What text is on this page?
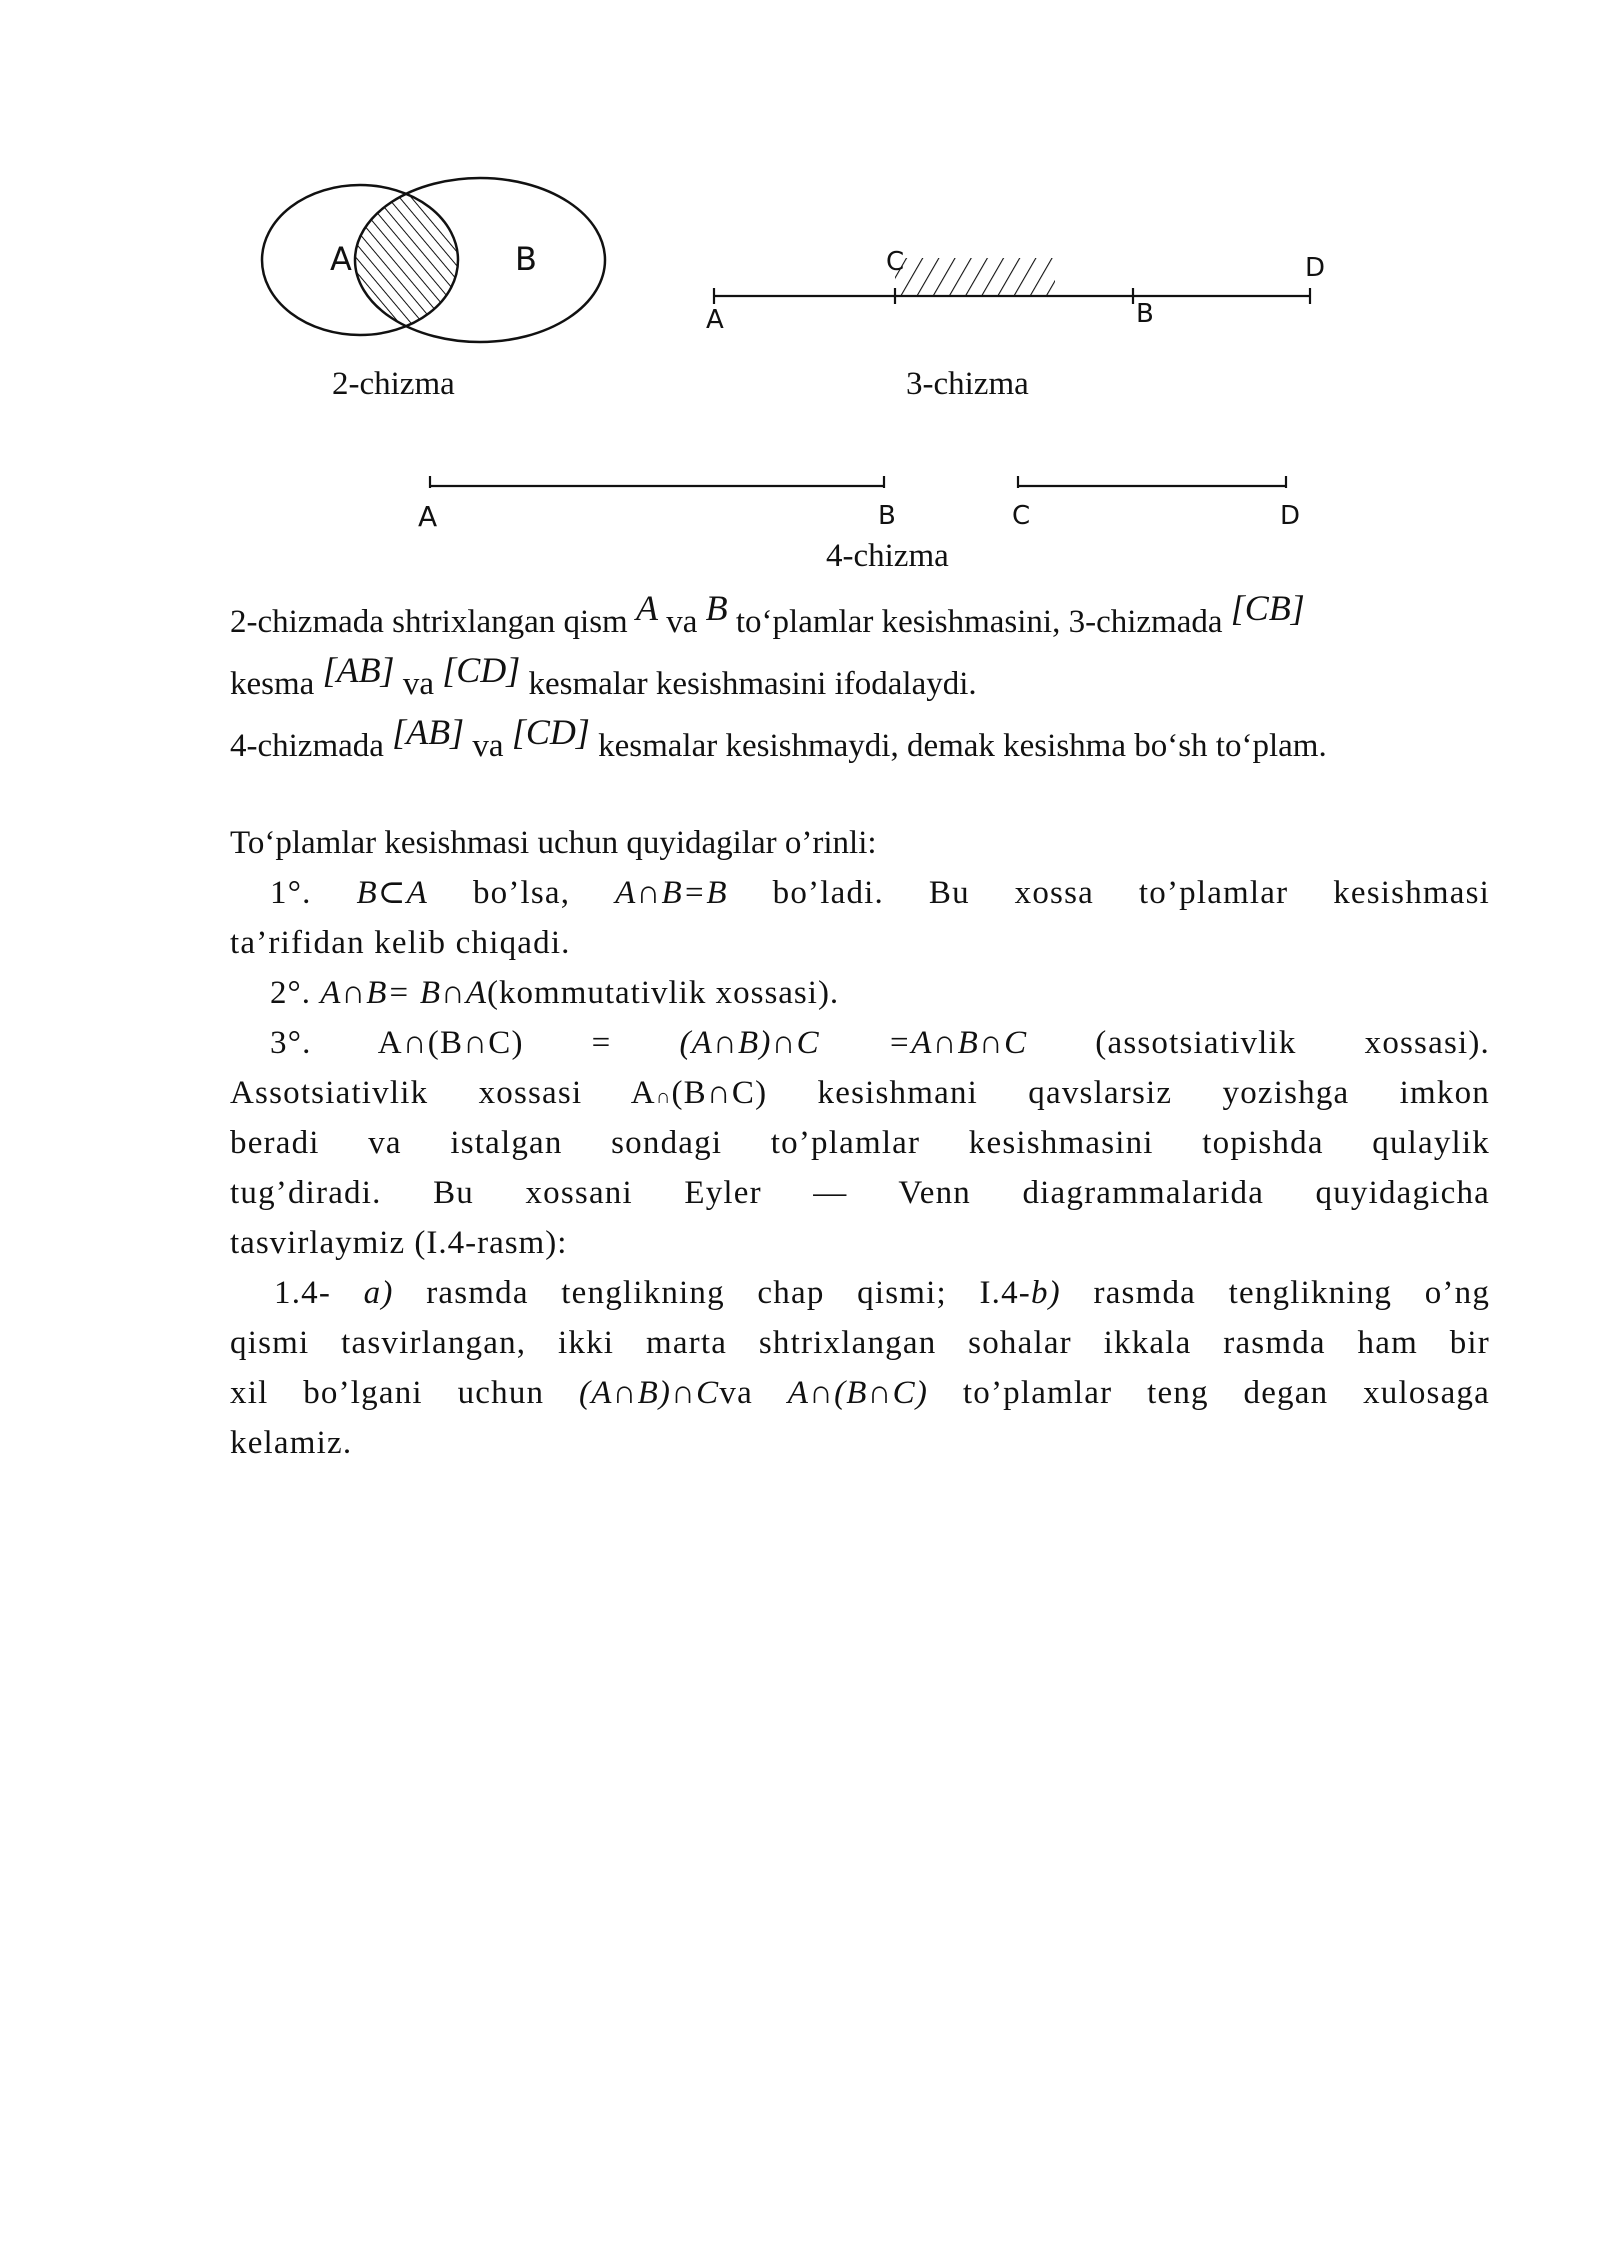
A	B
2-chizma
A
C
B
D
3-chizma
A	B	C	D
4-chizma

2-chizmada shtrixlangan qism A va B to‘plamlar kesishmasini, 3-chizmada [CB]
kesma [AB] va [CD] kesmalar kesishmasini ifodalaydi.

4-chizmada [AB] va [CD] kesmalar kesishmaydi, demak kesishma bo‘sh to‘plam.

To‘plamlar kesishmasi uchun quyidagilar o’rinli:

1°. B⊂A bo’lsa, A∩B=B bo’ladi. Bu xossa to’plamlar kesishmasi

ta’rifidan kelib chiqadi.

2°. A∩B= B∩A(kommutativlik xossasi).

3°. A∩(B∩C) = (A∩B)∩C =A∩B∩C (assotsiativlik xossasi).

Assotsiativlik xossasi A∩(B∩C) kesishmani qavslarsiz yozishga imkon

beradi va istalgan sondagi to’plamlar kesishmasini topishda qulaylik

tug’diradi. Bu xossani Eyler — Venn diagrammalarida quyidagicha

tasvirlaymiz (I.4-rasm):

1.4- a) rasmda tenglikning chap qismi; I.4-b) rasmda tenglikning o’ng

qismi tasvirlangan, ikki marta shtrixlangan sohalar ikkala rasmda ham bir

xil bo’lgani uchun (A∩B)∩Cva A∩(B∩C) to’plamlar teng degan xulosaga

kelamiz.
